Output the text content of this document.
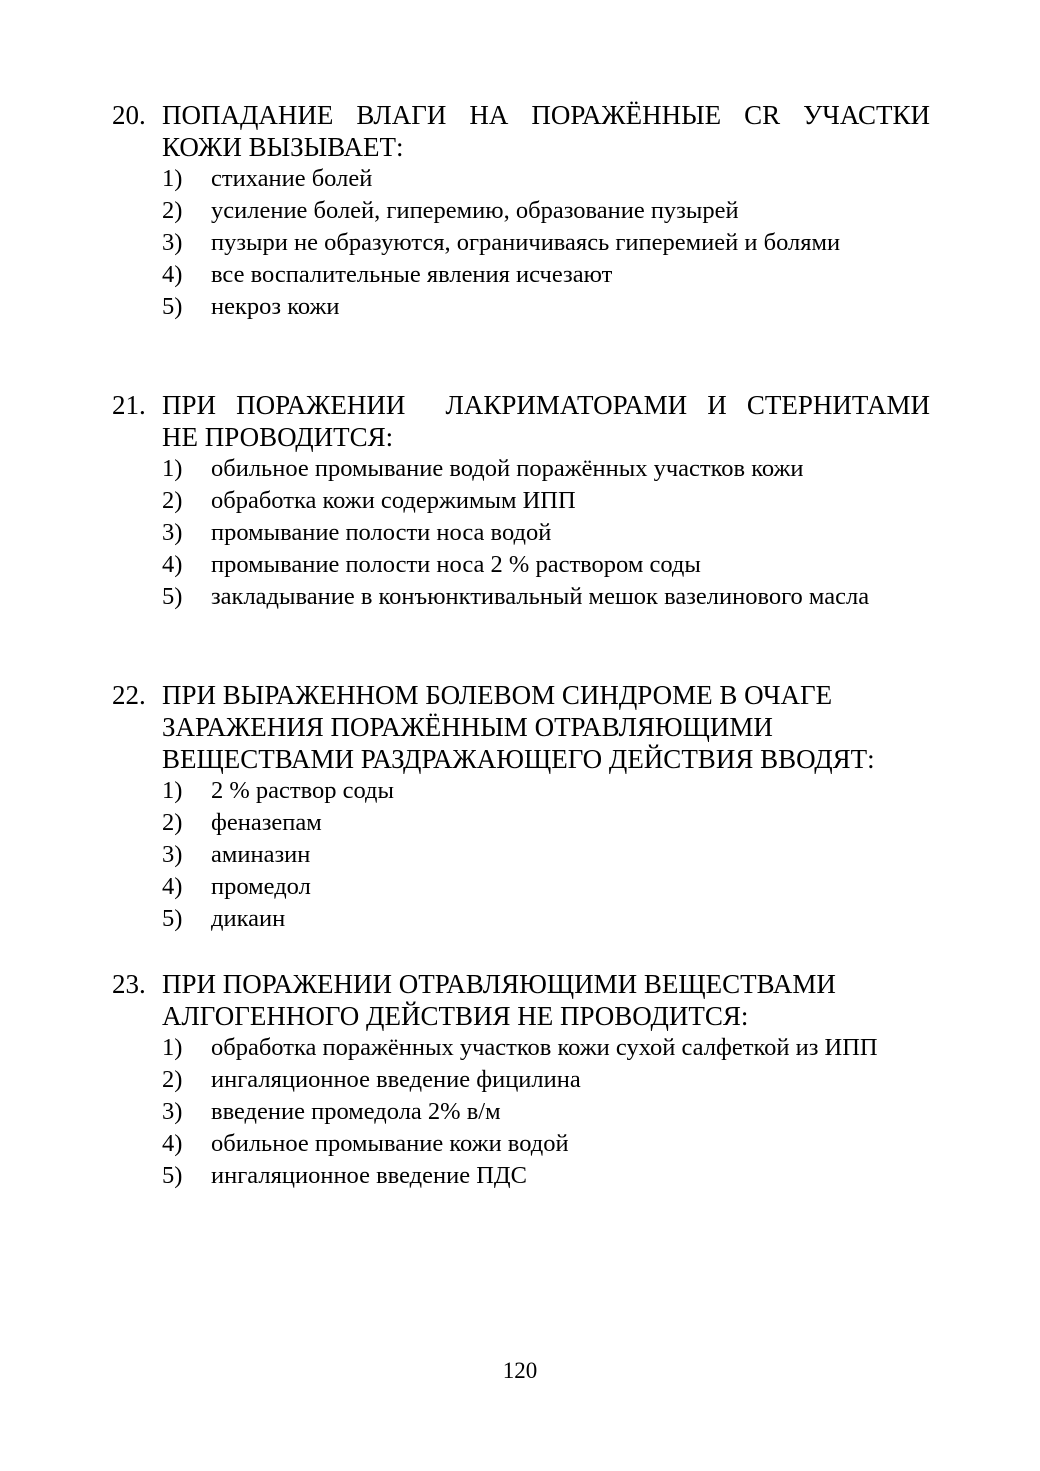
20. ПОПАДАНИЕ ВЛАГИ НА ПОРАЖЁННЫЕ CR УЧАСТКИ
КОЖИ ВЫЗЫВАЕТ:
1)	стихание болей
2)	усиление болей, гиперемию, образование пузырей
3)	пузыри не образуются, ограничиваясь гиперемией и болями
4)	все воспалительные явления исчезают
5)	некроз кожи
21. ПРИ ПОРАЖЕНИИ  ЛАКРИМАТОРАМИ И СТЕРНИТАМИ
НЕ ПРОВОДИТСЯ:
1)	обильное промывание водой поражённых участков кожи
2)	обработка кожи содержимым ИПП
3)	промывание полости носа водой
4)	промывание полости носа 2 % раствором соды
5)	закладывание в конъюнктивальный мешок вазелинового масла
22. ПРИ ВЫРАЖЕННОМ БОЛЕВОМ СИНДРОМЕ В ОЧАГЕ
ЗАРАЖЕНИЯ ПОРАЖЁННЫМ ОТРАВЛЯЮЩИМИ
ВЕЩЕСТВАМИ РАЗДРАЖАЮЩЕГО ДЕЙСТВИЯ ВВОДЯТ:
1)	2 % раствор соды
2)	феназепам
3)	аминазин
4)	промедол
5)	дикаин
23. ПРИ ПОРАЖЕНИИ ОТРАВЛЯЮЩИМИ ВЕЩЕСТВАМИ
АЛГОГЕННОГО ДЕЙСТВИЯ НЕ ПРОВОДИТСЯ:
1)	обработка поражённых участков кожи сухой салфеткой из ИПП
2)	ингаляционное введение фицилина
3)	введение промедола 2% в/м
4)	обильное промывание кожи водой
5)	ингаляционное введение ПДС
120
